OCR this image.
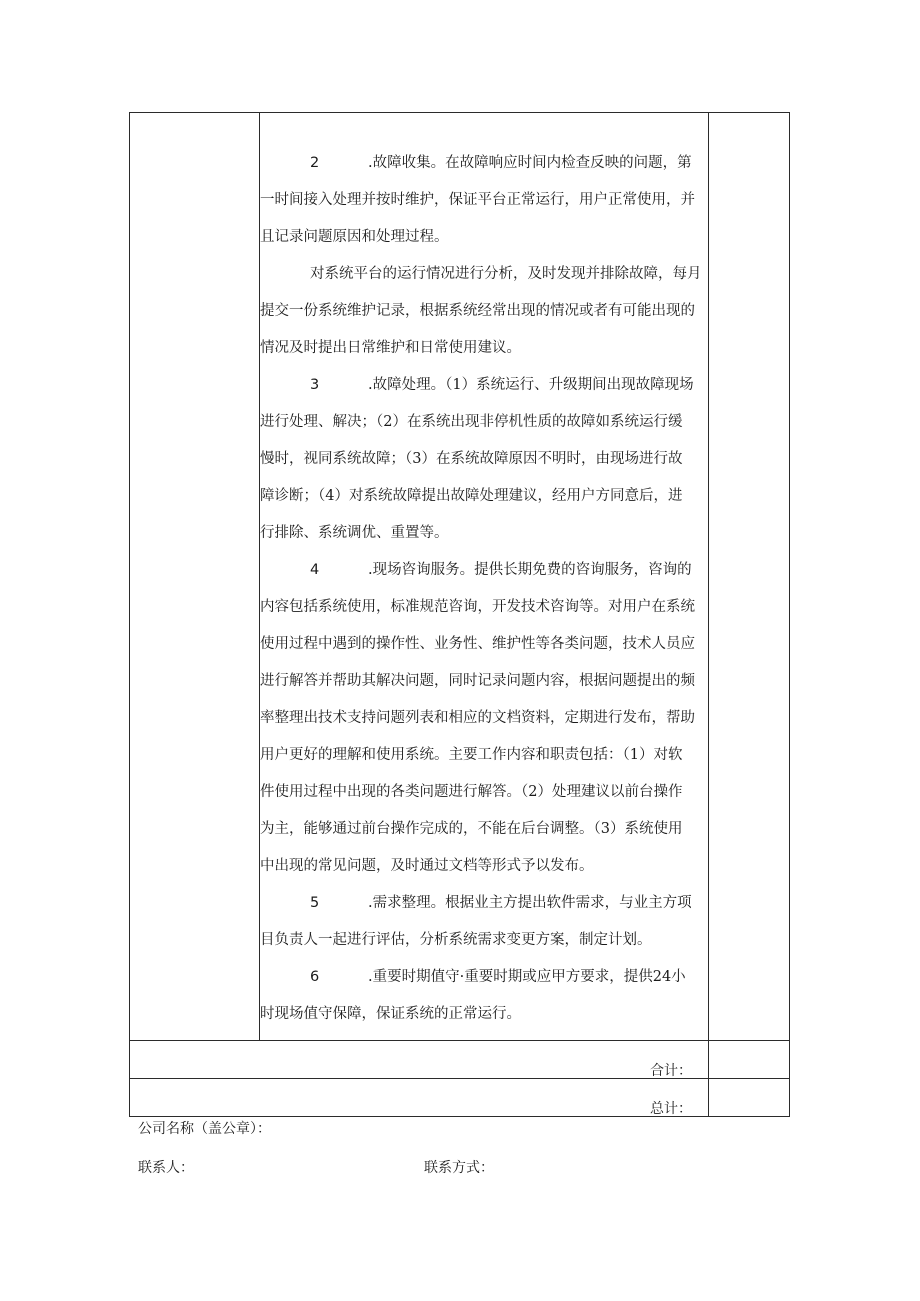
2	.故障收集。在故障响应时间内检查反映的问题，第
一时间接入处理并按时维护，保证平台正常运行，用户正常使用，并
且记录问题原因和处理过程。
对系统平台的运行情况进行分析，及时发现并排除故障，每月
提交一份系统维护记录，根据系统经常出现的情况或者有可能出现的
情况及时提出日常维护和日常使用建议。
3	.故障处理。（1）系统运行、升级期间出现故障现场
进行处理、解决；（2）在系统出现非停机性质的故障如系统运行缓
慢时，视同系统故障；（3）在系统故障原因不明时，由现场进行故
障诊断；（4）对系统故障提出故障处理建议，经用户方同意后，进
行排除、系统调优、重置等。
4	.现场咨询服务。提供长期免费的咨询服务，咨询的
内容包括系统使用，标准规范咨询，开发技术咨询等。对用户在系统
使用过程中遇到的操作性、业务性、维护性等各类问题，技术人员应
进行解答并帮助其解决问题，同时记录问题内容，根据问题提出的频
率整理出技术支持问题列表和相应的文档资料，定期进行发布，帮助
用户更好的理解和使用系统。主要工作内容和职责包括：（1）对软
件使用过程中出现的各类问题进行解答。（2）处理建议以前台操作
为主，能够通过前台操作完成的，不能在后台调整。（3）系统使用
中出现的常见问题，及时通过文档等形式予以发布。
5	.需求整理。根据业主方提出软件需求，与业主方项
目负责人一起进行评估，分析系统需求变更方案，制定计划。
6	.重要时期值守·重要时期或应甲方要求，提供24小
时现场值守保障，保证系统的正常运行。
合计：
总计：
公司名称（盖公章）：
联系人：	联系方式：
